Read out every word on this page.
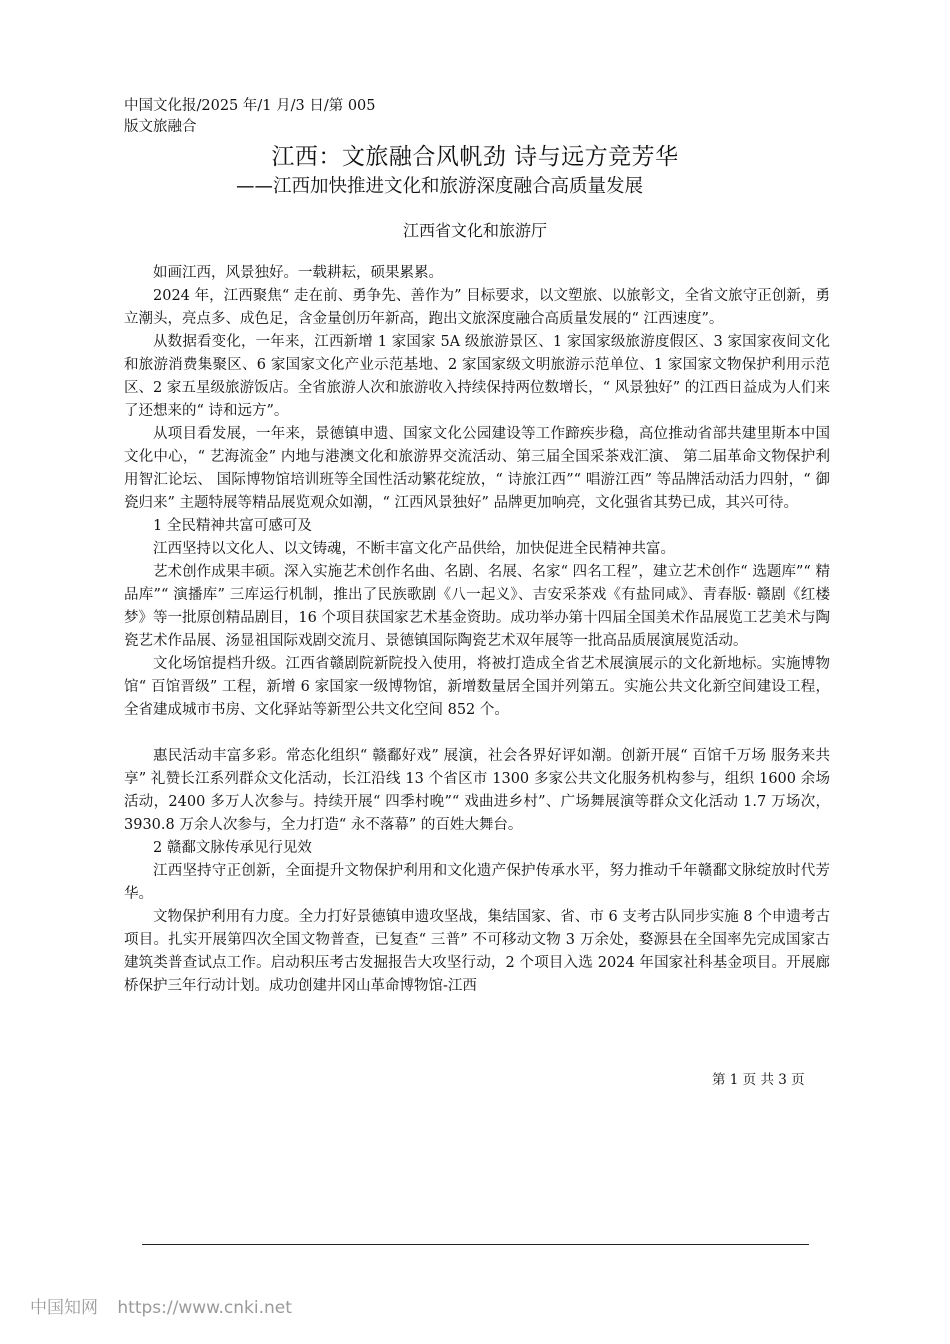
中国文化报/2025 年/1 月/3 日/第 005
版文旅融合
江西：文旅融合风帆劲 诗与远方竞芳华
——江西加快推进文化和旅游深度融合高质量发展
江西省文化和旅游厅

如画江西，风景独好。一载耕耘，硕果累累。

2024 年，江西聚焦“ 走在前、勇争先、善作为” 目标要求，以文塑旅、以旅彰文，全省文旅守正创新，勇立潮头，亮点多、成色足，含金量创历年新高，跑出文旅深度融合高质量发展的“ 江西速度”。

从数据看变化，一年来，江西新增 1 家国家 5A 级旅游景区、1 家国家级旅游度假区、3 家国家夜间文化和旅游消费集聚区、6 家国家文化产业示范基地、2 家国家级文明旅游示范单位、1 家国家文物保护利用示范区、2 家五星级旅游饭店。全省旅游人次和旅游收入持续保持两位数增长，“ 风景独好” 的江西日益成为人们来了还想来的“ 诗和远方”。

从项目看发展，一年来，景德镇申遗、国家文化公园建设等工作蹄疾步稳，高位推动省部共建里斯本中国文化中心，“ 艺海流金” 内地与港澳文化和旅游界交流活动、第三届全国采茶戏汇演、 第二届革命文物保护利用智汇论坛、 国际博物馆培训班等全国性活动繁花绽放，“ 诗旅江西”“ 唱游江西” 等品牌活动活力四射，“ 御瓷归来” 主题特展等精品展览观众如潮，“ 江西风景独好” 品牌更加响亮，文化强省其势已成，其兴可待。

1 全民精神共富可感可及

江西坚持以文化人、以文铸魂，不断丰富文化产品供给，加快促进全民精神共富。

艺术创作成果丰硕。深入实施艺术创作名曲、名剧、名展、名家“ 四名工程”，建立艺术创作“ 选题库”“ 精品库”“ 演播库” 三库运行机制，推出了民族歌剧《八一起义》、吉安采茶戏《有盐同咸》、青春版· 赣剧《红楼梦》等一批原创精品剧目，16 个项目获国家艺术基金资助。成功举办第十四届全国美术作品展览工艺美术与陶瓷艺术作品展、汤显祖国际戏剧交流月、景德镇国际陶瓷艺术双年展等一批高品质展演展览活动。

文化场馆提档升级。江西省赣剧院新院投入使用，将被打造成全省艺术展演展示的文化新地标。实施博物馆“ 百馆晋级” 工程，新增 6 家国家一级博物馆，新增数量居全国并列第五。实施公共文化新空间建设工程，全省建成城市书房、文化驿站等新型公共文化空间 852 个。

惠民活动丰富多彩。常态化组织“ 赣鄱好戏” 展演，社会各界好评如潮。创新开展“ 百馆千万场 服务来共享” 礼赞长江系列群众文化活动，长江沿线 13 个省区市 1300 多家公共文化服务机构参与，组织 1600 余场活动，2400 多万人次参与。持续开展“ 四季村晚”“ 戏曲进乡村”、广场舞展演等群众文化活动 1.7 万场次，3930.8 万余人次参与，全力打造“ 永不落幕” 的百姓大舞台。

2 赣鄱文脉传承见行见效

江西坚持守正创新，全面提升文物保护利用和文化遗产保护传承水平，努力推动千年赣鄱文脉绽放时代芳华。

文物保护利用有力度。全力打好景德镇申遗攻坚战，集结国家、省、市 6 支考古队同步实施 8 个申遗考古项目。扎实开展第四次全国文物普查，已复查“ 三普” 不可移动文物 3 万余处，婺源县在全国率先完成国家古建筑类普查试点工作。启动积压考古发掘报告大攻坚行动，2 个项目入选 2024 年国家社科基金项目。开展廊桥保护三年行动计划。成功创建井冈山革命博物馆-江西

第 1 页 共 3 页
中国知网 https://www.cnki.net
